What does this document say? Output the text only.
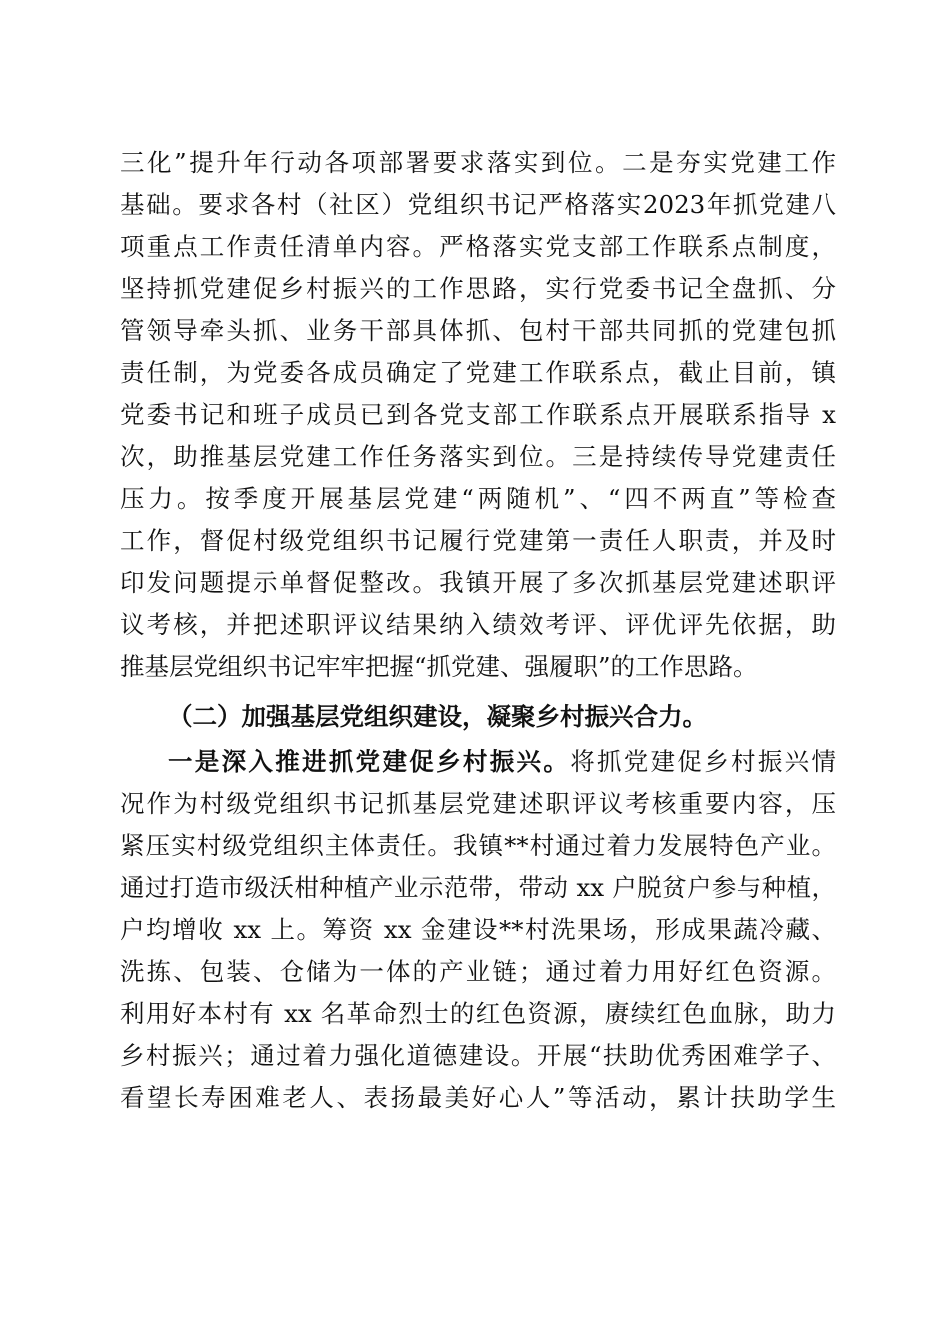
三化”提升年行动各项部署要求落实到位。二是夯实党建工作
基础。要求各村（社区）党组织书记严格落实2023年抓党建八
项重点工作责任清单内容。严格落实党支部工作联系点制度，
坚持抓党建促乡村振兴的工作思路，实行党委书记全盘抓、分
管领导牵头抓、业务干部具体抓、包村干部共同抓的党建包抓
责任制，为党委各成员确定了党建工作联系点，截止目前，镇
党委书记和班子成员已到各党支部工作联系点开展联系指导 x
次，助推基层党建工作任务落实到位。三是持续传导党建责任
压力。按季度开展基层党建“两随机”、“四不两直”等检查
工作，督促村级党组织书记履行党建第一责任人职责，并及时
印发问题提示单督促整改。我镇开展了多次抓基层党建述职评
议考核，并把述职评议结果纳入绩效考评、评优评先依据，助
推基层党组织书记牢牢把握“抓党建、强履职”的工作思路。
（二）加强基层党组织建设，凝聚乡村振兴合力。
一是深入推进抓党建促乡村振兴。将抓党建促乡村振兴情
况作为村级党组织书记抓基层党建述职评议考核重要内容，压
紧压实村级党组织主体责任。我镇**村通过着力发展特色产业。
通过打造市级沃柑种植产业示范带，带动 xx 户脱贫户参与种植，
户均增收 xx 上。筹资 xx 金建设**村洗果场，形成果蔬冷藏、
洗拣、包装、仓储为一体的产业链；通过着力用好红色资源。
利用好本村有 xx 名革命烈士的红色资源，赓续红色血脉，助力
乡村振兴；通过着力强化道德建设。开展“扶助优秀困难学子、
看望长寿困难老人、表扬最美好心人”等活动，累计扶助学生
